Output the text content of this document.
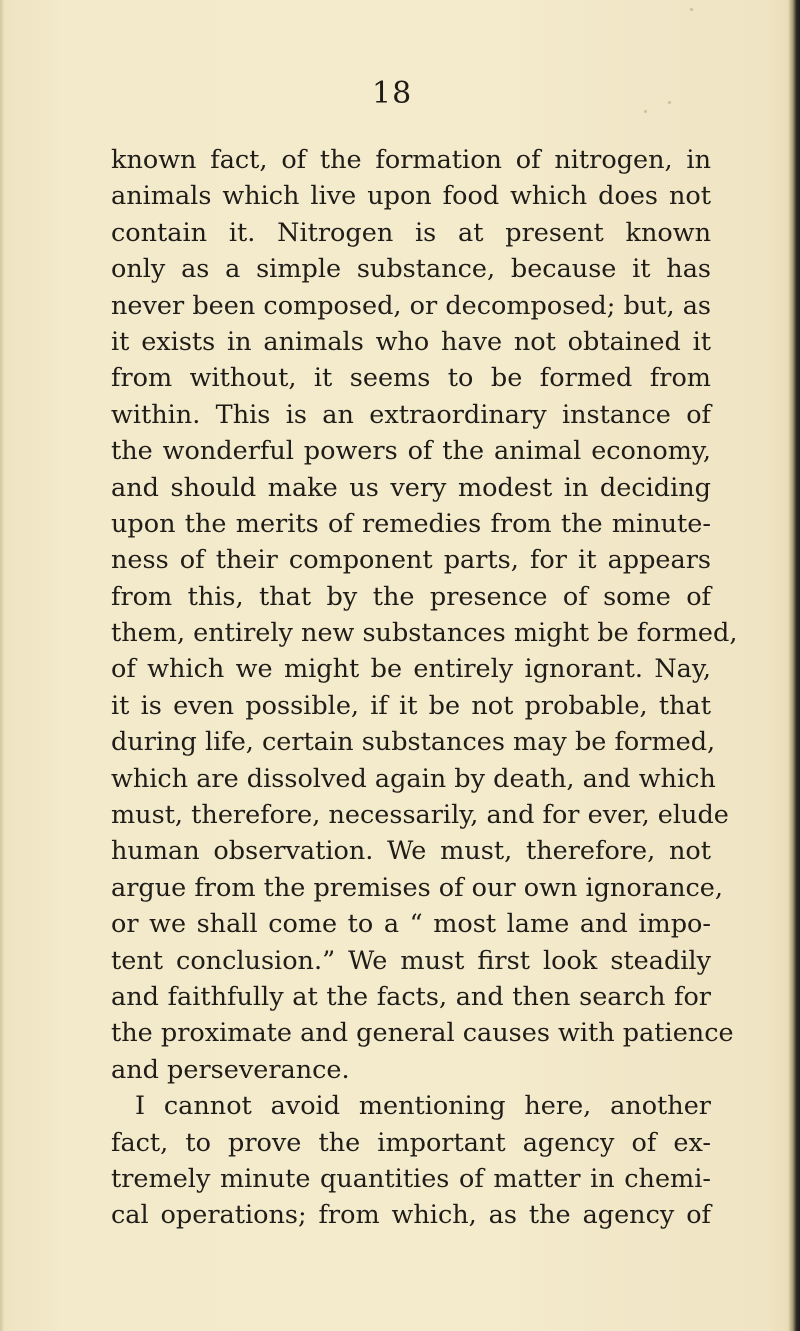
18
known fact, of the formation of nitrogen, in
animals which live upon food which does not
contain it. Nitrogen is at present known
only as a simple substance, because it has
never been composed, or decomposed; but, as
it exists in animals who have not obtained it
from without, it seems to be formed from
within. This is an extraordinary instance of
the wonderful powers of the animal economy,
and should make us very modest in deciding
upon the merits of remedies from the minute-
ness of their component parts, for it appears
from this, that by the presence of some of
them, entirely new substances might be formed,
of which we might be entirely ignorant. Nay,
it is even possible, if it be not probable, that
during life, certain substances may be formed,
which are dissolved again by death, and which
must, therefore, necessarily, and for ever, elude
human observation. We must, therefore, not
argue from the premises of our own ignorance,
or we shall come to a “ most lame and impo-
tent conclusion.” We must first look steadily
and faithfully at the facts, and then search for
the proximate and general causes with patience
and perseverance.
I cannot avoid mentioning here, another
fact, to prove the important agency of ex-
tremely minute quantities of matter in chemi-
cal operations; from which, as the agency of
